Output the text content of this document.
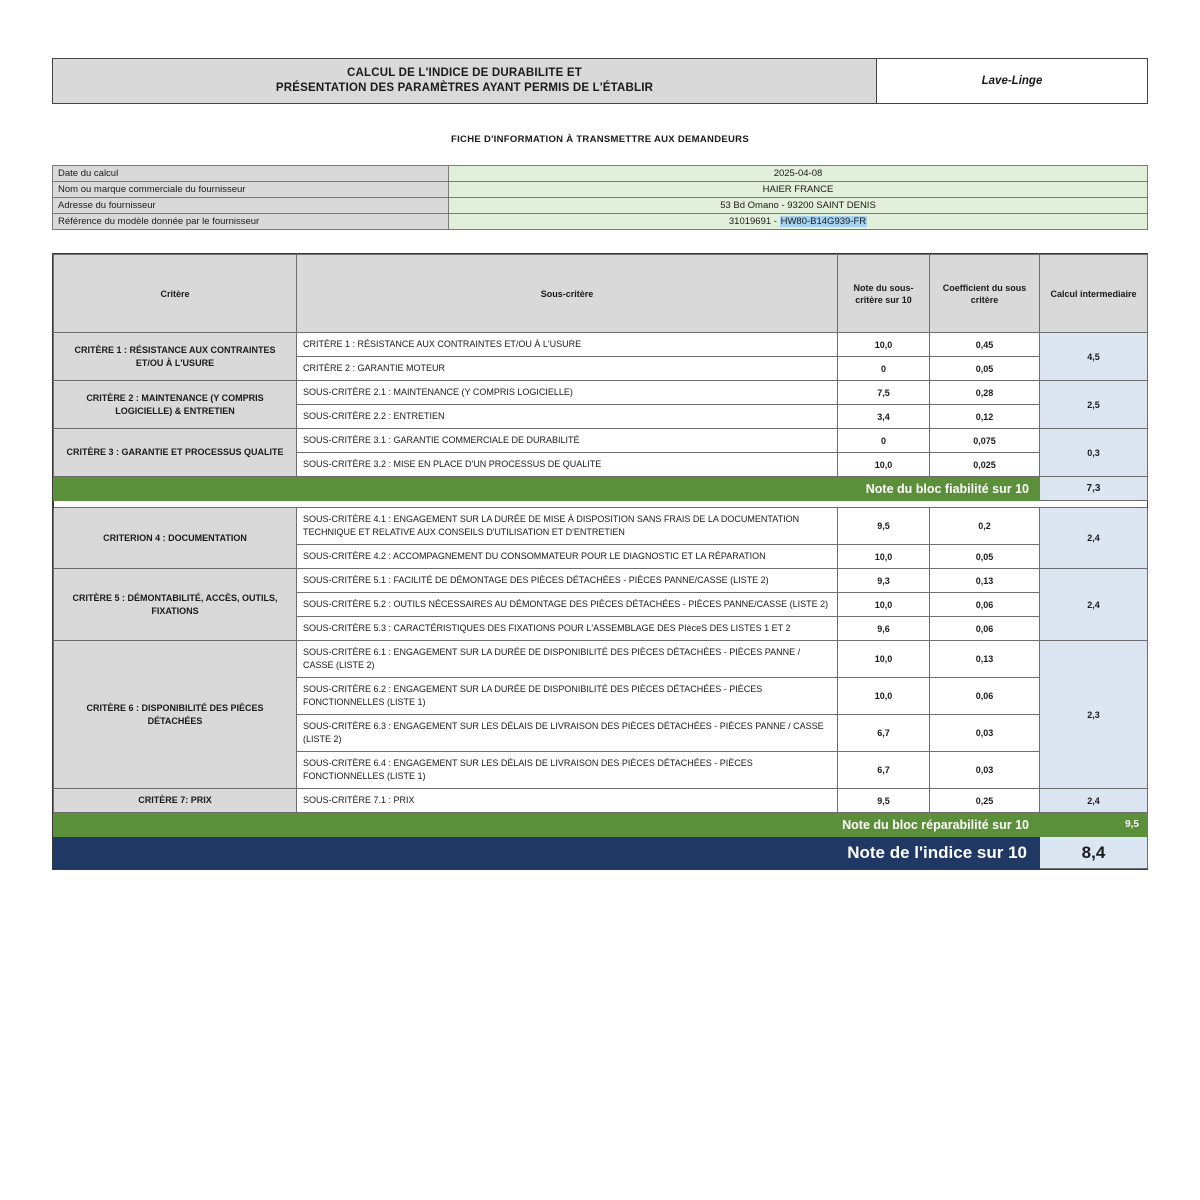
CALCUL DE L'INDICE DE DURABILITE ET
PRÉSENTATION DES PARAMÈTRES AYANT PERMIS DE L'ÉTABLIR
Lave-Linge
FICHE D'INFORMATION À TRANSMETTRE AUX DEMANDEURS
Date du calcul	2025-04-08
Nom ou marque commerciale du fournisseur	HAIER FRANCE
Adresse du fournisseur	53 Bd Omano - 93200 SAINT DENIS
Référence du modèle donnée par le fournisseur	31019691 - HW80-B14G939-FR
Critère	Sous-critère	Note du sous-critère sur 10	Coefficient du sous critère	Calcul intermediaire
CRITÈRE 1 : RÉSISTANCE AUX CONTRAINTES ET/OU À L'USURE	CRITÈRE 1 : RÉSISTANCE AUX CONTRAINTES ET/OU À L'USURE	10,0	0,45	4,5
	CRITÈRE 2 : GARANTIE MOTEUR	0	0,05	
CRITÈRE 2 : MAINTENANCE (Y COMPRIS LOGICIELLE) & ENTRETIEN	SOUS-CRITÈRE 2.1 : MAINTENANCE (Y COMPRIS LOGICIELLE)	7,5	0,28	2,5
	SOUS-CRITÈRE 2.2 : ENTRETIEN	3,4	0,12	
CRITÈRE 3 : GARANTIE ET PROCESSUS QUALITE	SOUS-CRITÈRE 3.1 : GARANTIE COMMERCIALE DE DURABILITÉ	0	0,075	0,3
	SOUS-CRITÈRE 3.2 : MISE EN PLACE D'UN PROCESSUS DE QUALITE	10,0	0,025	
Note du bloc fiabilité sur 10				7,3

CRITERION 4 : DOCUMENTATION	SOUS-CRITÈRE 4.1 : ENGAGEMENT SUR LA DURÉE DE MISE À DISPOSITION SANS FRAIS DE LA DOCUMENTATION TECHNIQUE ET RELATIVE AUX CONSEILS D'UTILISATION ET D'ENTRETIEN	9,5	0,2	2,4
	SOUS-CRITÈRE 4.2 : ACCOMPAGNEMENT DU CONSOMMATEUR POUR LE DIAGNOSTIC ET LA RÉPARATION	10,0	0,05	
CRITÈRE 5 : DÉMONTABILITÉ, ACCÈS, OUTILS, FIXATIONS	SOUS-CRITÈRE 5.1 : FACILITÉ DE DÉMONTAGE DES PIÈCES DÉTACHÉES - PIÈCES PANNE/CASSE (LISTE 2)	9,3	0,13	2,4
	SOUS-CRITÈRE 5.2 : OUTILS NÉCESSAIRES AU DÉMONTAGE DES PIÈCES DÉTACHÉES - PIÈCES PANNE/CASSE (LISTE 2)	10,0	0,06	
	SOUS-CRITÈRE 5.3 : CARACTÉRISTIQUES DES FIXATIONS POUR L'ASSEMBLAGE DES PIèceS DES LISTES 1 ET 2	9,6	0,06	
CRITÈRE 6 : DISPONIBILITÉ DES PIÈCES DÉTACHÉES	SOUS-CRITÈRE 6.1 : ENGAGEMENT SUR LA DURÉE DE DISPONIBILITÉ DES PIÈCES DÉTACHÉES - PIÈCES PANNE / CASSE (LISTE 2)	10,0	0,13	2,3
	SOUS-CRITÈRE 6.2 : ENGAGEMENT SUR LA DURÉE DE DISPONIBILITÉ DES PIÈCES DÉTACHÉES - PIÈCES FONCTIONNELLES (LISTE 1)	10,0	0,06	
	SOUS-CRITÈRE 6.3 : ENGAGEMENT SUR LES DÉLAIS DE LIVRAISON DES PIÈCES DÉTACHÉES - PIÈCES PANNE / CASSE (LISTE 2)	6,7	0,03	
	SOUS-CRITÈRE 6.4 : ENGAGEMENT SUR LES DÉLAIS DE LIVRAISON DES PIÈCES DÉTACHÉES - PIÈCES FONCTIONNELLES (LISTE 1)	6,7	0,03	
CRITÈRE 7: PRIX	SOUS-CRITÈRE 7.1 : PRIX	9,5	0,25	2,4
Note du bloc réparabilité sur 10				9,5
Note de l'indice sur 10				8,4
